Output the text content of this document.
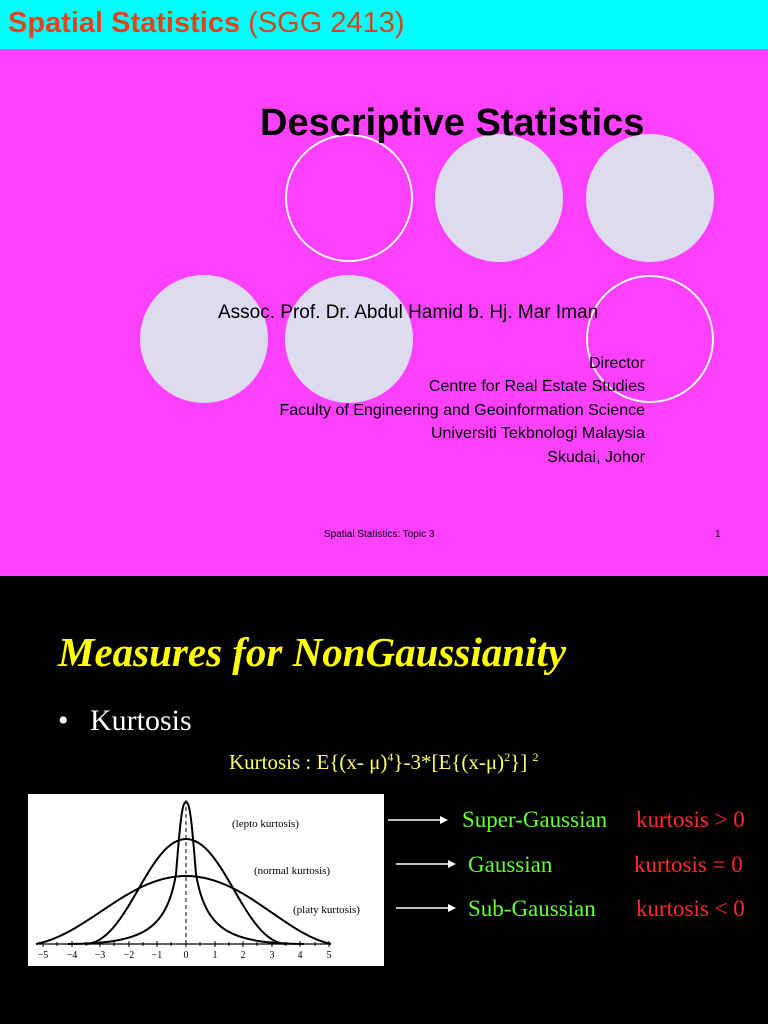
Spatial Statistics (SGG 2413)
Descriptive Statistics
Assoc. Prof. Dr. Abdul Hamid b. Hj. Mar Iman
Director
Centre for Real Estate Studies
Faculty of Engineering and Geoinformation Science
Universiti Tekbnologi Malaysia
Skudai, Johor
Spatial Statistics: Topic 3	1
Measures for NonGaussianity
• Kurtosis
Kurtosis : E{(x- $\mu)^4\}-3*[E\{(x-\mu)^2\}]$ $^2$
−5 −4 −3 −2 −1 0 1 2 3 4 5
(lepto kurtosis)
(normal kurtosis)
(platy kurtosis)
Super-Gaussian kurtosis > 0
Gaussian	kurtosis = 0
Sub-Gaussian kurtosis < 0
